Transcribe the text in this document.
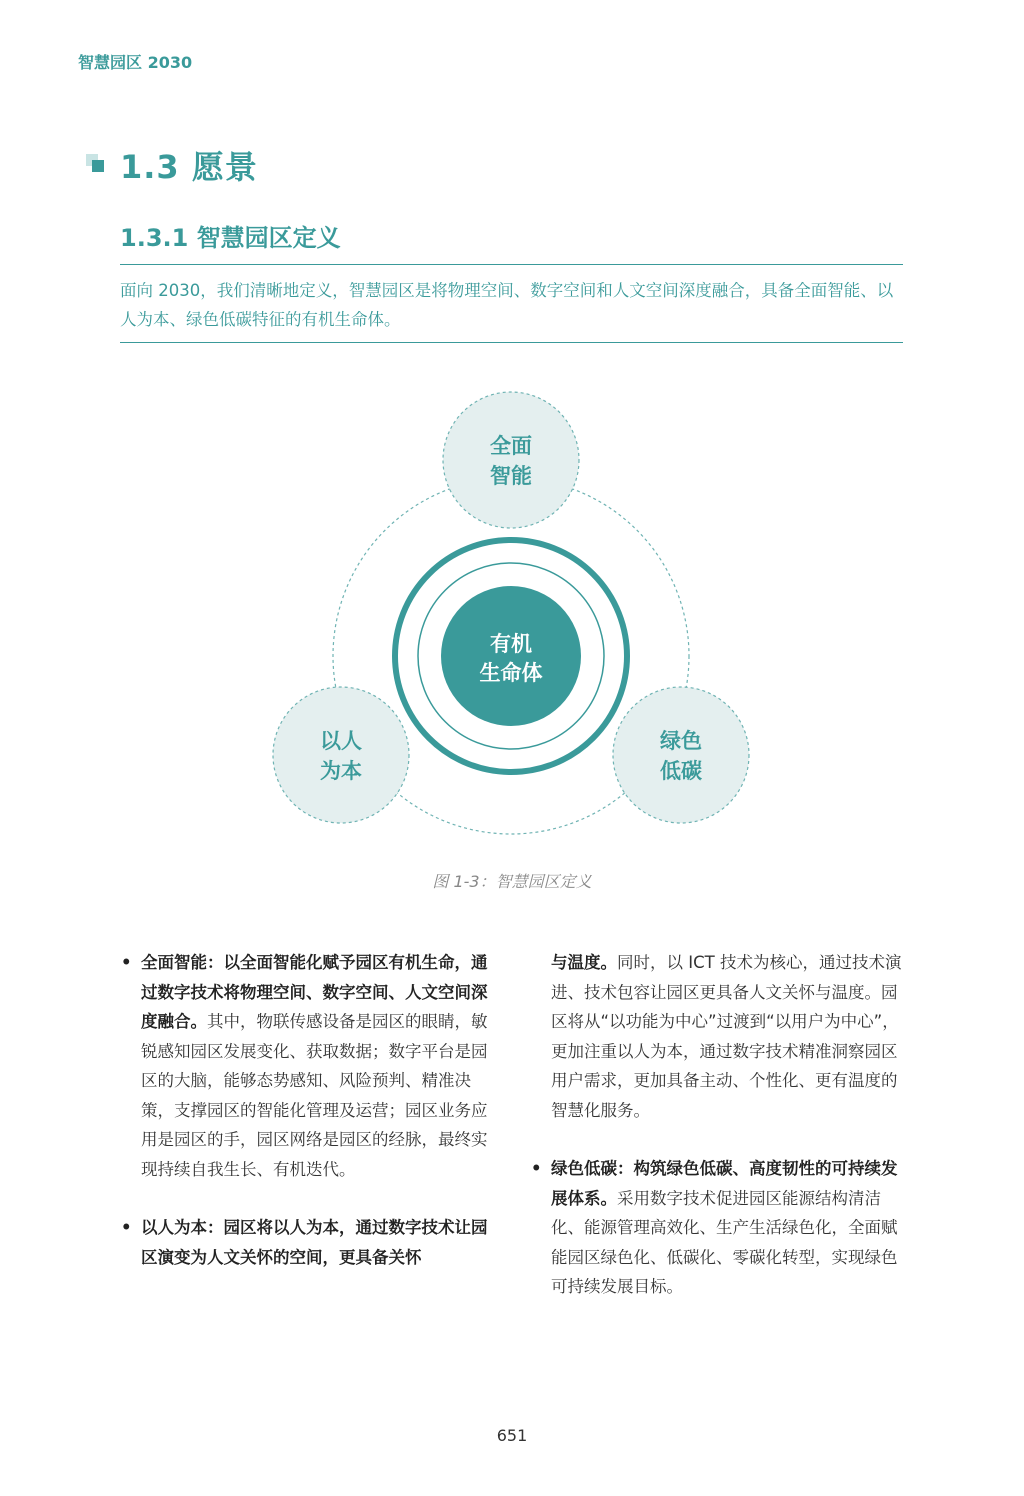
智慧园区 2030
1.3 愿景
1.3.1 智慧园区定义
面向 2030，我们清晰地定义，智慧园区是将物理空间、数字空间和人文空间深度融合，具备全面智能、以人为本、绿色低碳特征的有机生命体。
有机
生命体
全面
智能
以人
为本
绿色
低碳
图 1-3：智慧园区定义
• 全面智能：以全面智能化赋予园区有机生命，通过数字技术将物理空间、数字空间、人文空间深度融合。其中，物联传感设备是园区的眼睛，敏锐感知园区发展变化、获取数据；数字平台是园区的大脑，能够态势感知、风险预判、精准决策，支撑园区的智能化管理及运营；园区业务应用是园区的手，园区网络是园区的经脉，最终实现持续自我生长、有机迭代。
• 以人为本：园区将以人为本，通过数字技术让园区演变为人文关怀的空间，更具备关怀
与温度。同时，以 ICT 技术为核心，通过技术演进、技术包容让园区更具备人文关怀与温度。园区将从“以功能为中心”过渡到“以用户为中心”，更加注重以人为本，通过数字技术精准洞察园区用户需求，更加具备主动、个性化、更有温度的智慧化服务。
• 绿色低碳：构筑绿色低碳、高度韧性的可持续发展体系。采用数字技术促进园区能源结构清洁化、能源管理高效化、生产生活绿色化，全面赋能园区绿色化、低碳化、零碳化转型，实现绿色可持续发展目标。
651
